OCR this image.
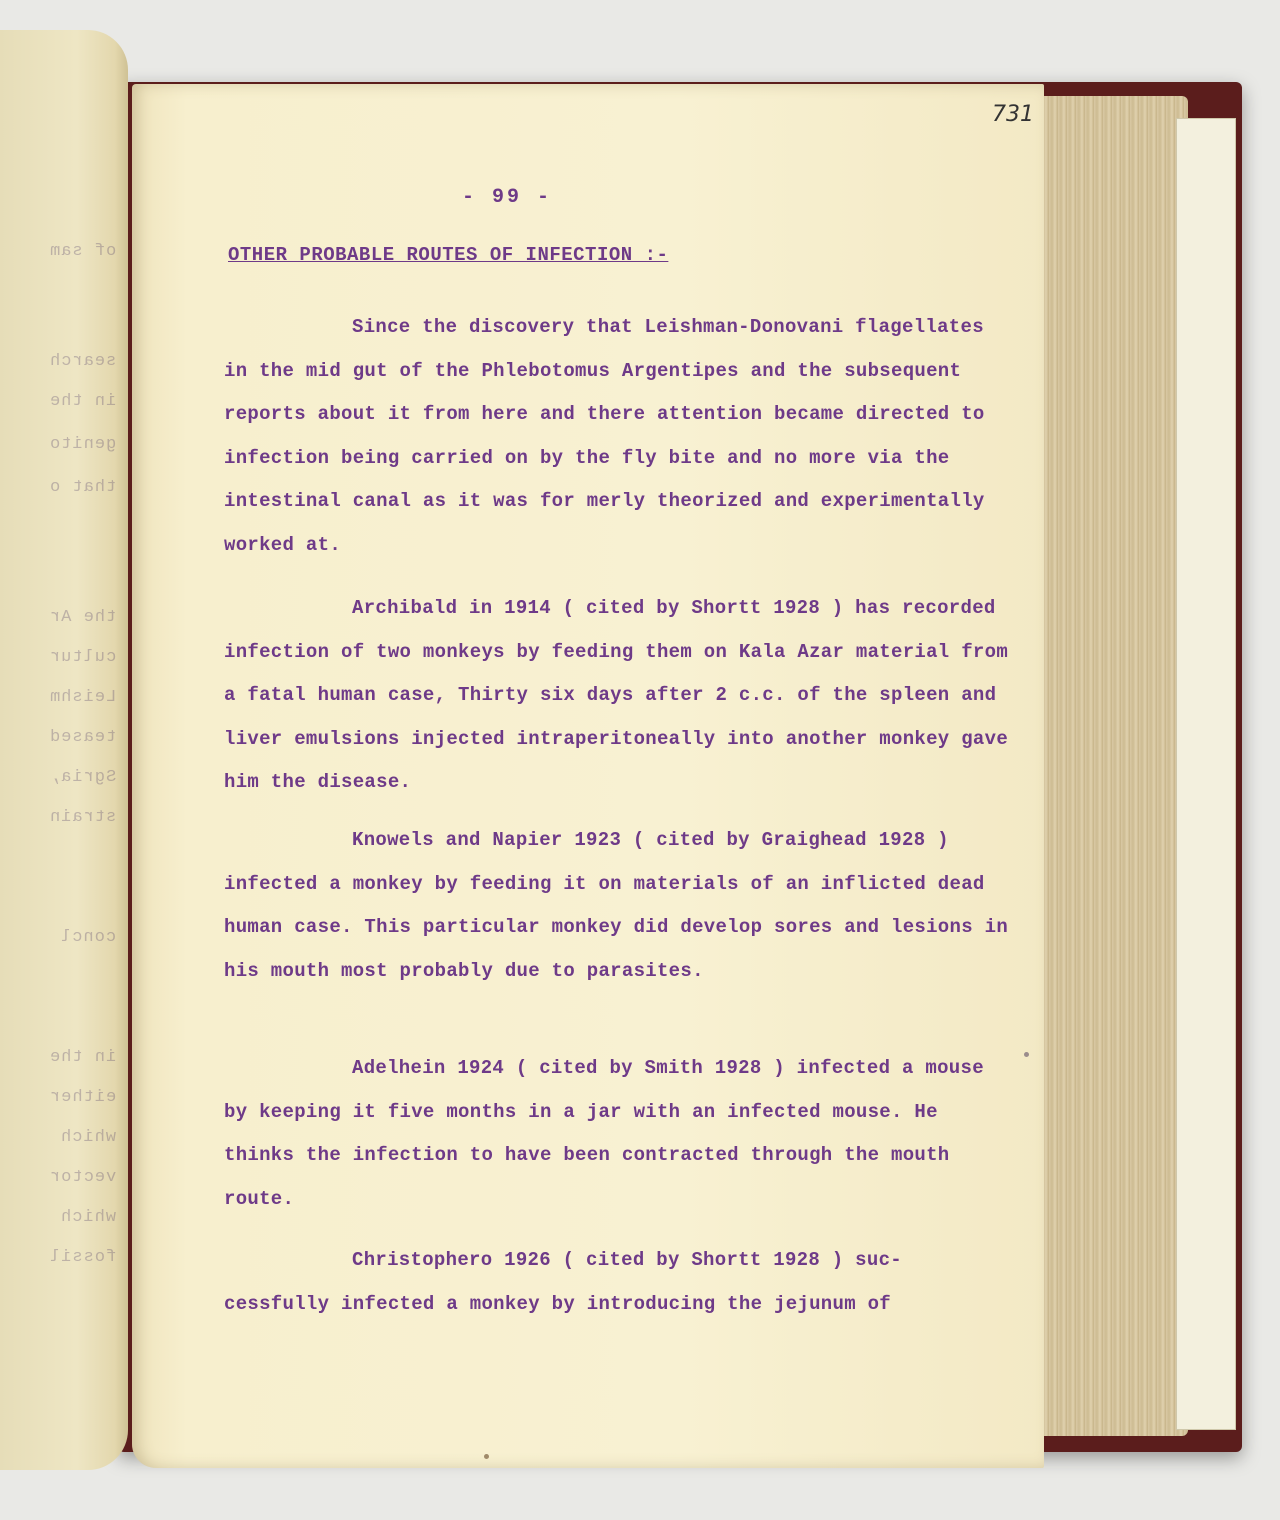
of sam
search
in the
genito
that o
the Ar
cultur
Leishm
teased
Sgria,
strain
concl
in the
either
which
vector
which
fossil
731
- 99 -
OTHER PROBABLE ROUTES OF INFECTION :-

Since the discovery that Leishman-Donovani flagellates in the mid gut of the Phlebotomus Argentipes and the subsequent reports about it from here and there attention became directed to infection being carried on by the fly bite and no more via the intestinal canal as it was for merly theorized and experimentally worked at.

Archibald in 1914 ( cited by Shortt 1928 ) has recorded infection of two monkeys by feeding them on Kala Azar material from a fatal human case, Thirty six days after 2 c.c. of the spleen and liver emulsions injected intraperitoneally into another monkey gave him the disease.

Knowels and Napier 1923 ( cited by Graighead 1928 ) infected a monkey by feeding it on materials of an inflicted dead human case. This particular monkey did develop sores and lesions in his mouth most probably due to parasites.

Adelhein 1924 ( cited by Smith 1928 ) infected a mouse by keeping it five months in a jar with an infected mouse. He thinks the infection to have been contracted through the mouth route.

Christophero 1926 ( cited by Shortt 1928 ) suc- cessfully infected a monkey by introducing the jejunum of
